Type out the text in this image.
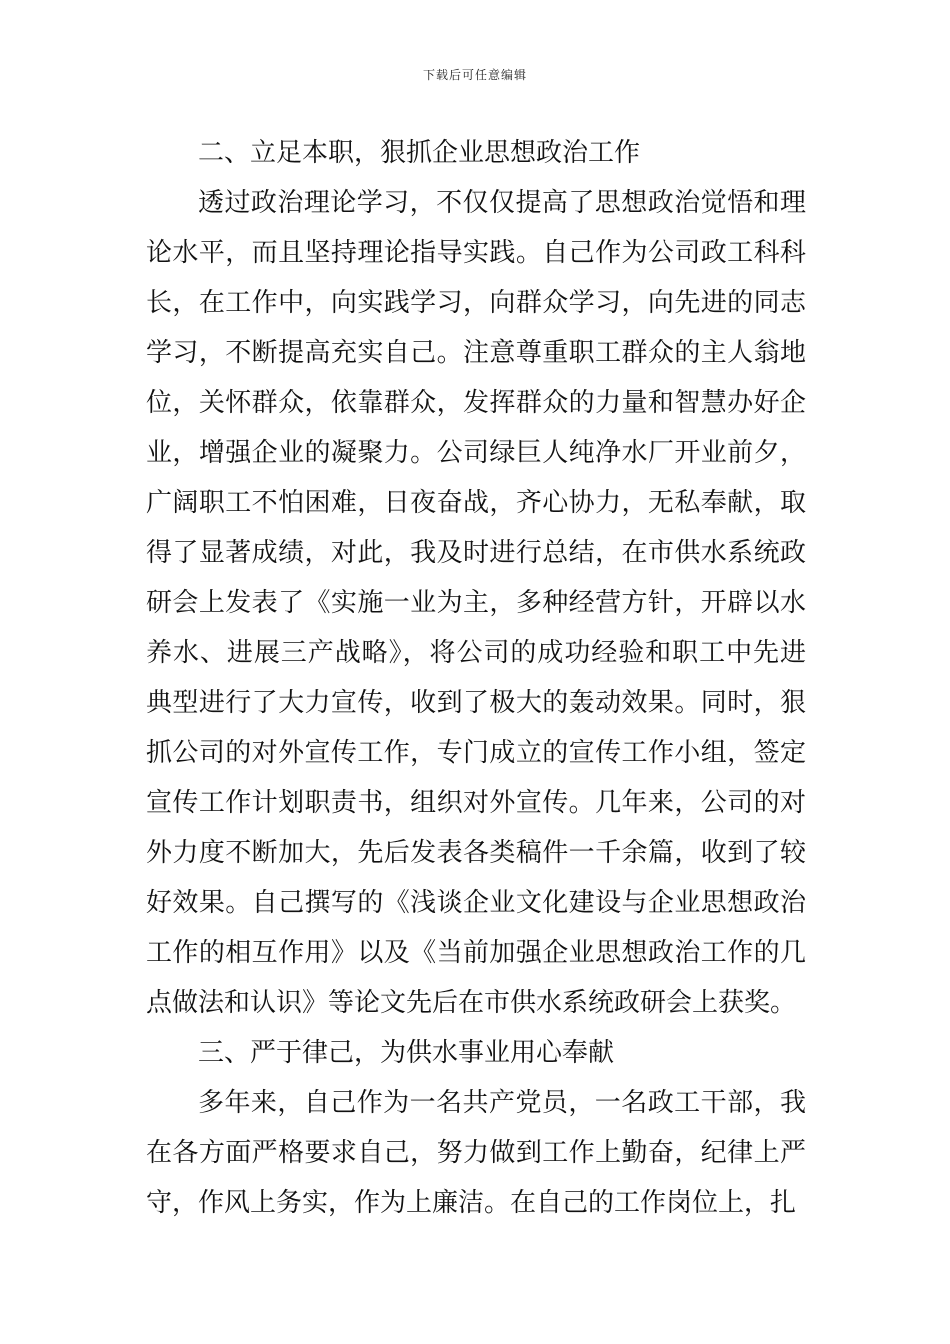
下载后可任意编辑

二、立足本职，狠抓企业思想政治工作

透过政治理论学习，不仅仅提高了思想政治觉悟和理论水平，而且坚持理论指导实践。自己作为公司政工科科长，在工作中，向实践学习，向群众学习，向先进的同志学习，不断提高充实自己。注意尊重职工群众的主人翁地位，关怀群众，依靠群众，发挥群众的力量和智慧办好企业，增强企业的凝聚力。公司绿巨人纯净水厂开业前夕，广阔职工不怕困难，日夜奋战，齐心协力，无私奉献，取得了显著成绩，对此，我及时进行总结，在市供水系统政研会上发表了《实施一业为主，多种经营方针，开辟以水养水、进展三产战略》，将公司的成功经验和职工中先进典型进行了大力宣传，收到了极大的轰动效果。同时，狠抓公司的对外宣传工作，专门成立的宣传工作小组，签定宣传工作计划职责书，组织对外宣传。几年来，公司的对外力度不断加大，先后发表各类稿件一千余篇，收到了较好效果。自己撰写的《浅谈企业文化建设与企业思想政治工作的相互作用》以及《当前加强企业思想政治工作的几点做法和认识》等论文先后在市供水系统政研会上获奖。

三、严于律己，为供水事业用心奉献

多年来，自己作为一名共产党员，一名政工干部，我在各方面严格要求自己，努力做到工作上勤奋，纪律上严守，作风上务实，作为上廉洁。在自己的工作岗位上，扎
